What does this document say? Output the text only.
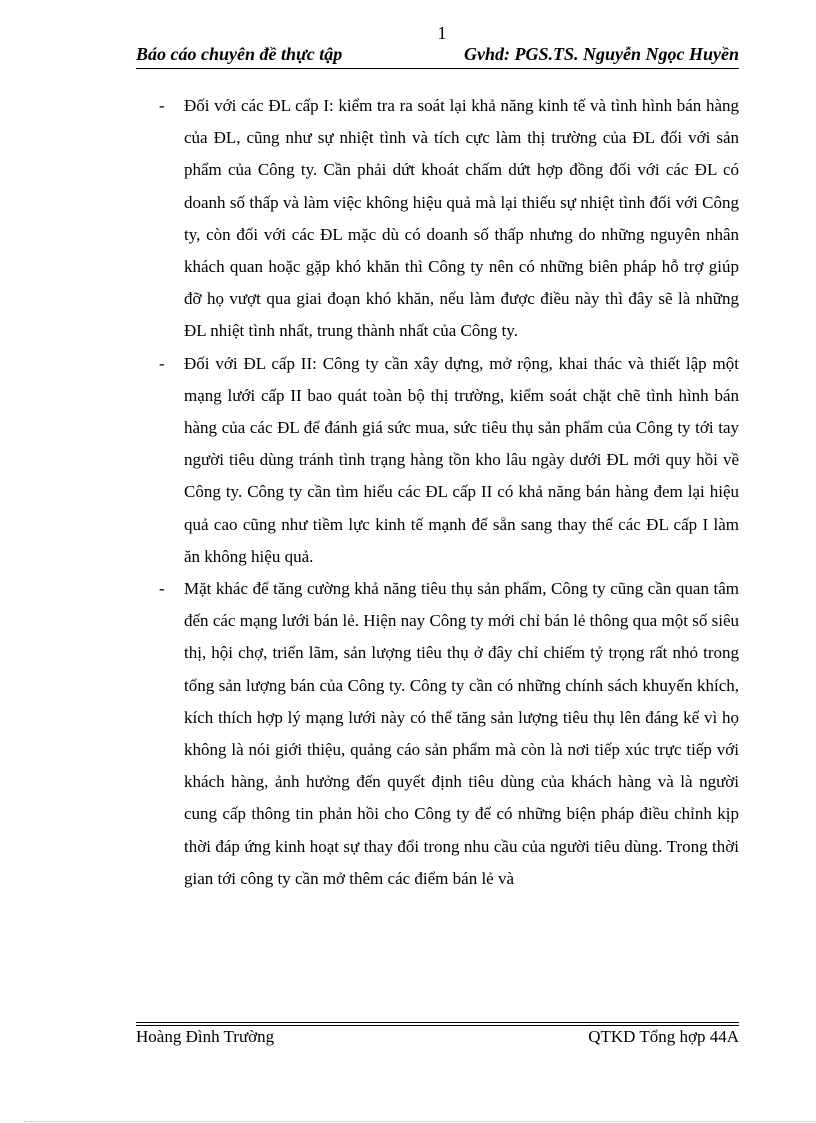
1
Báo cáo chuyên đề thực tập	Gvhd: PGS.TS. Nguyễn Ngọc Huyền
- Đối với các ĐL cấp I: kiểm tra ra soát lại khả năng kinh tế và tình hình bán hàng của ĐL, cũng như sự nhiệt tình và tích cực làm thị trường của ĐL đối với sản phẩm của Công ty. Cần phải dứt khoát chấm dứt hợp đồng đối với các ĐL có doanh số thấp và làm việc không hiệu quả mà lại thiếu sự nhiệt tình đối với Công ty, còn đối với các ĐL mặc dù có doanh số thấp nhưng do những nguyên nhân khách quan hoặc gặp khó khăn thì Công ty nên có những biên pháp hỗ trợ giúp đỡ họ vượt qua giai đoạn khó khăn, nếu làm được điều này thì đây sẽ là những ĐL nhiệt tình nhất, trung thành nhất của Công ty.
- Đối với ĐL cấp II: Công ty cần xây dựng, mở rộng, khai thác và thiết lập một mạng lưới cấp II bao quát toàn bộ thị trường, kiểm soát chặt chẽ tình hình bán hàng của các ĐL để đánh giá sức mua, sức tiêu thụ sản phẩm của Công ty tới tay người tiêu dùng tránh tình trạng hàng tồn kho lâu ngày dưới ĐL mới quy hồi về Công ty. Công ty cần tìm hiểu các ĐL cấp II có khả năng bán hàng đem lại hiệu quả cao cũng như tiềm lực kinh tế mạnh để sẵn sang thay thế các ĐL cấp I làm ăn không hiệu quả.
- Mặt khác để tăng cường khả năng tiêu thụ sản phẩm, Công ty cũng cần quan tâm đến các mạng lưới bán lẻ. Hiện nay Công ty mới chỉ bán lẻ thông qua một số siêu thị, hội chợ, triển lãm, sản lượng tiêu thụ ở đây chỉ chiếm tỷ trọng rất nhỏ trong tổng sản lượng bán của Công ty. Công ty cần có những chính sách khuyến khích, kích thích hợp lý mạng lưới này có thể tăng sản lượng tiêu thụ lên đáng kể vì họ không là nói giới thiệu, quảng cáo sản phẩm mà còn là nơi tiếp xúc trực tiếp với khách hàng, ảnh hưởng đến quyết định tiêu dùng của khách hàng và là người cung cấp thông tin phản hồi cho Công ty để có những biện pháp điều chỉnh kịp thời đáp ứng kinh hoạt sự thay đổi trong nhu cầu của người tiêu dùng. Trong thời gian tới công ty cần mở thêm các điểm bán lẻ và
Hoàng Đình Trường	QTKD Tổng hợp 44A
